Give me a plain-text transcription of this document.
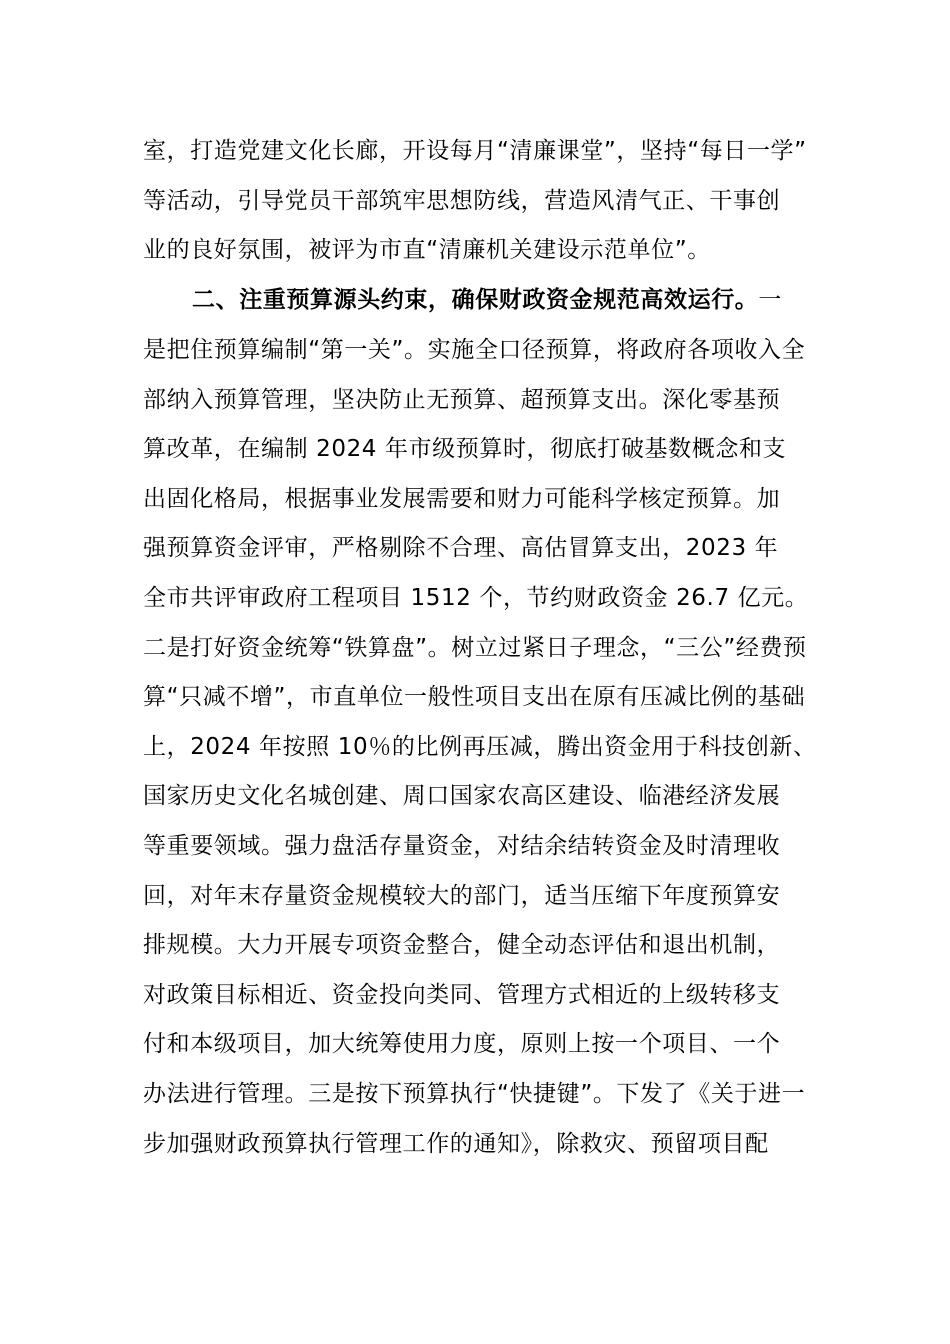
室，打造党建文化长廊，开设每月“清廉课堂”，坚持“每日一学”
等活动，引导党员干部筑牢思想防线，营造风清气正、干事创
业的良好氛围，被评为市直“清廉机关建设示范单位”。
二、注重预算源头约束，确保财政资金规范高效运行。一
是把住预算编制“第一关”。实施全口径预算，将政府各项收入全
部纳入预算管理，坚决防止无预算、超预算支出。深化零基预
算改革，在编制 2024 年市级预算时，彻底打破基数概念和支
出固化格局，根据事业发展需要和财力可能科学核定预算。加
强预算资金评审，严格剔除不合理、高估冒算支出，2023 年
全市共评审政府工程项目 1512 个，节约财政资金 26.7 亿元。
二是打好资金统筹“铁算盘”。树立过紧日子理念，“三公”经费预
算“只减不增”，市直单位一般性项目支出在原有压减比例的基础
上，2024 年按照 10％的比例再压减，腾出资金用于科技创新、
国家历史文化名城创建、周口国家农高区建设、临港经济发展
等重要领域。强力盘活存量资金，对结余结转资金及时清理收
回，对年末存量资金规模较大的部门，适当压缩下年度预算安
排规模。大力开展专项资金整合，健全动态评估和退出机制，
对政策目标相近、资金投向类同、管理方式相近的上级转移支
付和本级项目，加大统筹使用力度，原则上按一个项目、一个
办法进行管理。三是按下预算执行“快捷键”。下发了《关于进一
步加强财政预算执行管理工作的通知》，除救灾、预留项目配
